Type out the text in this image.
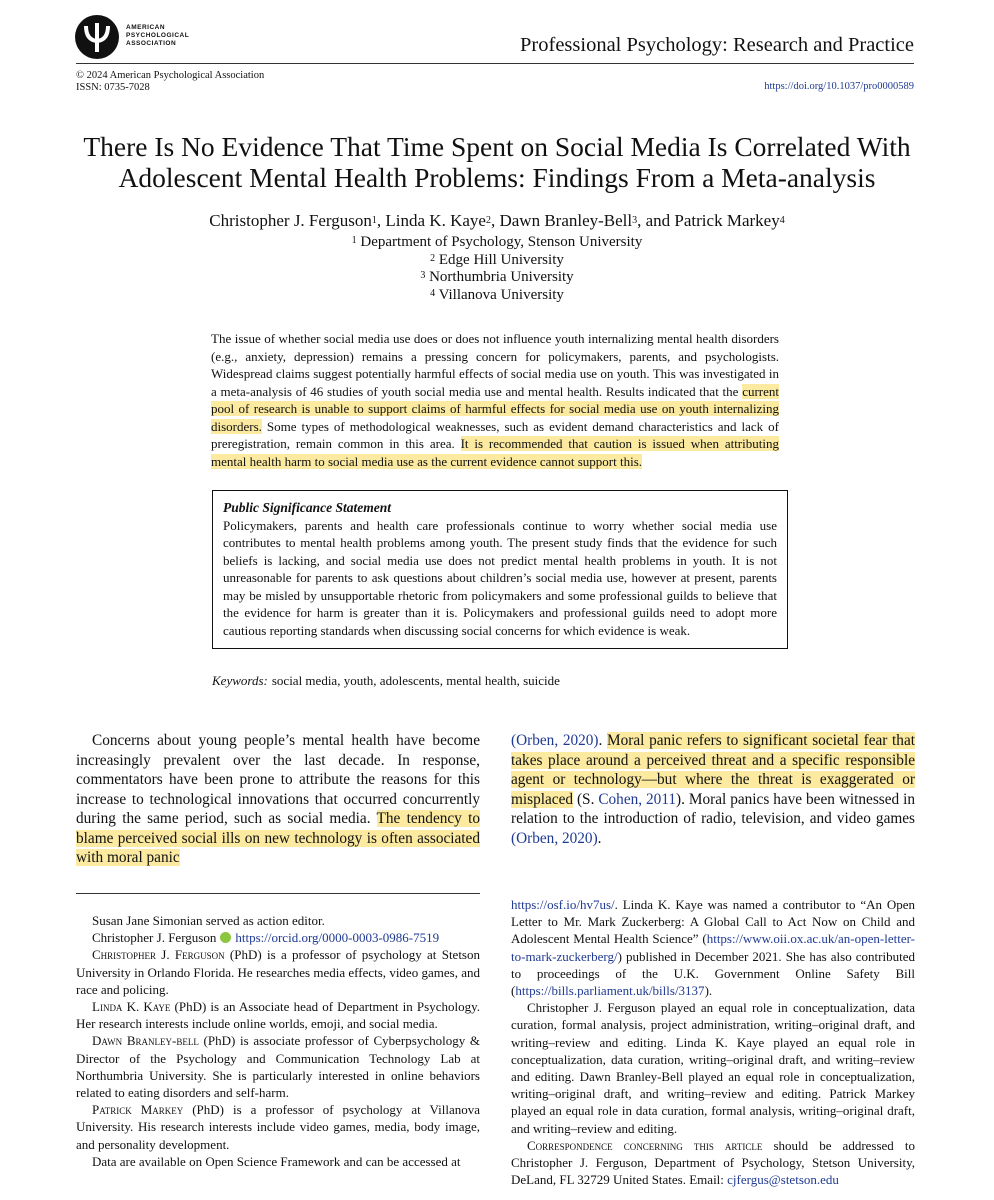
AMERICAN
PSYCHOLOGICAL
ASSOCIATION	Professional Psychology: Research and Practice
© 2024 American Psychological Association
ISSN: 0735-7028	https://doi.org/10.1037/pro0000589
There Is No Evidence That Time Spent on Social Media Is Correlated With
Adolescent Mental Health Problems: Findings From a Meta-analysis
Christopher J. Ferguson$^1$, Linda K. Kaye$^2$, Dawn Branley-Bell$^3$, and Patrick Markey$^4$
$^1$ Department of Psychology, Stenson University
$^2$ Edge Hill University
$^3$ Northumbria University
$^4$ Villanova University
The issue of whether social media use does or does not influence youth internalizing mental health disorders (e.g., anxiety, depression) remains a pressing concern for policymakers, parents, and psychologists. Widespread claims suggest potentially harmful effects of social media use on youth. This was investigated in a meta-analysis of 46 studies of youth social media use and mental health. Results indicated that the current pool of research is unable to support claims of harmful effects for social media use on youth internalizing disorders. Some types of methodological weaknesses, such as evident demand characteristics and lack of preregistration, remain common in this area. It is recommended that caution is issued when attributing mental health harm to social media use as the current evidence cannot support this.
Public Significance Statement
Policymakers, parents and health care professionals continue to worry whether social media use contributes to mental health problems among youth. The present study finds that the evidence for such beliefs is lacking, and social media use does not predict mental health problems in youth. It is not unreasonable for parents to ask questions about children’s social media use, however at present, parents may be misled by unsupportable rhetoric from policymakers and some professional guilds to believe that the evidence for harm is greater than it is. Policymakers and professional guilds need to adopt more cautious reporting standards when discussing social concerns for which evidence is weak.
Keywords: social media, youth, adolescents, mental health, suicide
Concerns about young people’s mental health have become increasingly prevalent over the last decade. In response, commentators have been prone to attribute the reasons for this increase to technological innovations that occurred concurrently during the same period, such as social media. The tendency to blame perceived social ills on new technology is often associated with moral panic
(Orben, 2020). Moral panic refers to significant societal fear that takes place around a perceived threat and a specific responsible agent or technology—but where the threat is exaggerated or misplaced (S. Cohen, 2011). Moral panics have been witnessed in relation to the introduction of radio, television, and video games (Orben, 2020).

Susan Jane Simonian served as action editor.

Christopher J. Ferguson https://orcid.org/0000-0003-0986-7519

Christopher J. Ferguson (PhD) is a professor of psychology at Stetson University in Orlando Florida. He researches media effects, video games, and race and policing.

Linda K. Kaye (PhD) is an Associate head of Department in Psychology. Her research interests include online worlds, emoji, and social media.

Dawn Branley-bell (PhD) is associate professor of Cyberpsychology & Director of the Psychology and Communication Technology Lab at Northumbria University. She is particularly interested in online behaviors related to eating disorders and self-harm.

Patrick Markey (PhD) is a professor of psychology at Villanova University. His research interests include video games, media, body image, and personality development.

Data are available on Open Science Framework and can be accessed at

https://osf.io/hv7us/. Linda K. Kaye was named a contributor to “An Open Letter to Mr. Mark Zuckerberg: A Global Call to Act Now on Child and Adolescent Mental Health Science” (https://www.oii.ox.ac.uk/an-open-letter-to-mark-zuckerberg/) published in December 2021. She has also contributed to proceedings of the U.K. Government Online Safety Bill (https://bills.parliament.uk/bills/3137).

Christopher J. Ferguson played an equal role in conceptualization, data curation, formal analysis, project administration, writing–original draft, and writing–review and editing. Linda K. Kaye played an equal role in conceptualization, data curation, writing–original draft, and writing–review and editing. Dawn Branley-Bell played an equal role in conceptualization, writing–original draft, and writing–review and editing. Patrick Markey played an equal role in data curation, formal analysis, writing–original draft, and writing–review and editing.

Correspondence concerning this article should be addressed to Christopher J. Ferguson, Department of Psychology, Stetson University, DeLand, FL 32729 United States. Email: cjfergus@stetson.edu
